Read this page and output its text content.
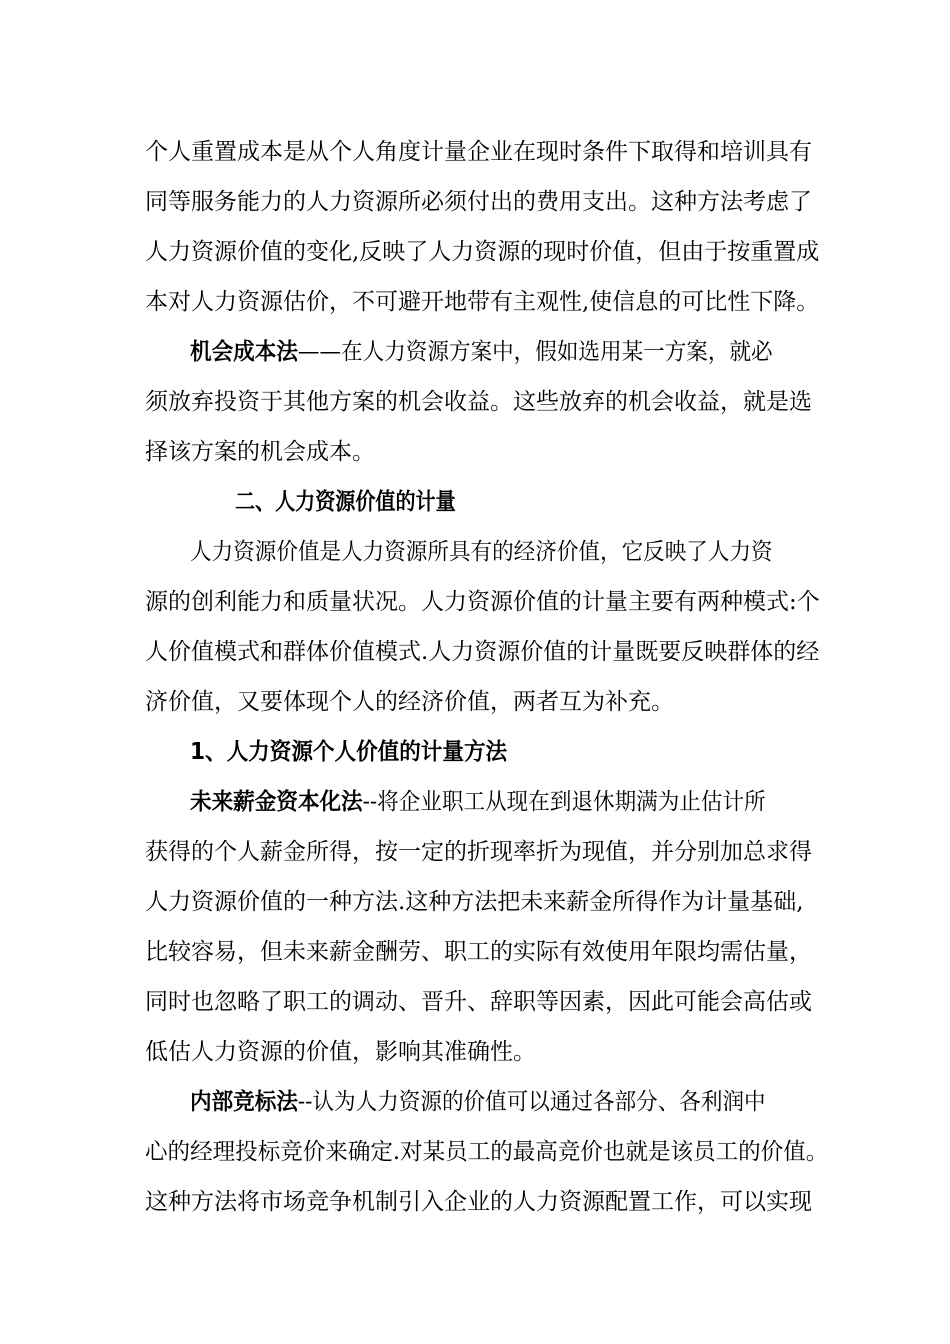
个人重置成本是从个人角度计量企业在现时条件下取得和培训具有
同等服务能力的人力资源所必须付出的费用支出。这种方法考虑了
人力资源价值的变化,反映了人力资源的现时价值，但由于按重置成
本对人力资源估价，不可避开地带有主观性,使信息的可比性下降。
机会成本法——在人力资源方案中，假如选用某一方案，就必
须放弃投资于其他方案的机会收益。这些放弃的机会收益，就是选
择该方案的机会成本。
二、人力资源价值的计量
人力资源价值是人力资源所具有的经济价值，它反映了人力资
源的创利能力和质量状况。人力资源价值的计量主要有两种模式:个
人价值模式和群体价值模式.人力资源价值的计量既要反映群体的经
济价值，又要体现个人的经济价值，两者互为补充。
1、人力资源个人价值的计量方法
未来薪金资本化法--将企业职工从现在到退休期满为止估计所
获得的个人薪金所得，按一定的折现率折为现值，并分别加总求得
人力资源价值的一种方法.这种方法把未来薪金所得作为计量基础,
比较容易，但未来薪金酬劳、职工的实际有效使用年限均需估量，
同时也忽略了职工的调动、晋升、辞职等因素，因此可能会高估或
低估人力资源的价值，影响其准确性。
内部竞标法--认为人力资源的价值可以通过各部分、各利润中
心的经理投标竞价来确定.对某员工的最高竞价也就是该员工的价值。
这种方法将市场竞争机制引入企业的人力资源配置工作，可以实现
